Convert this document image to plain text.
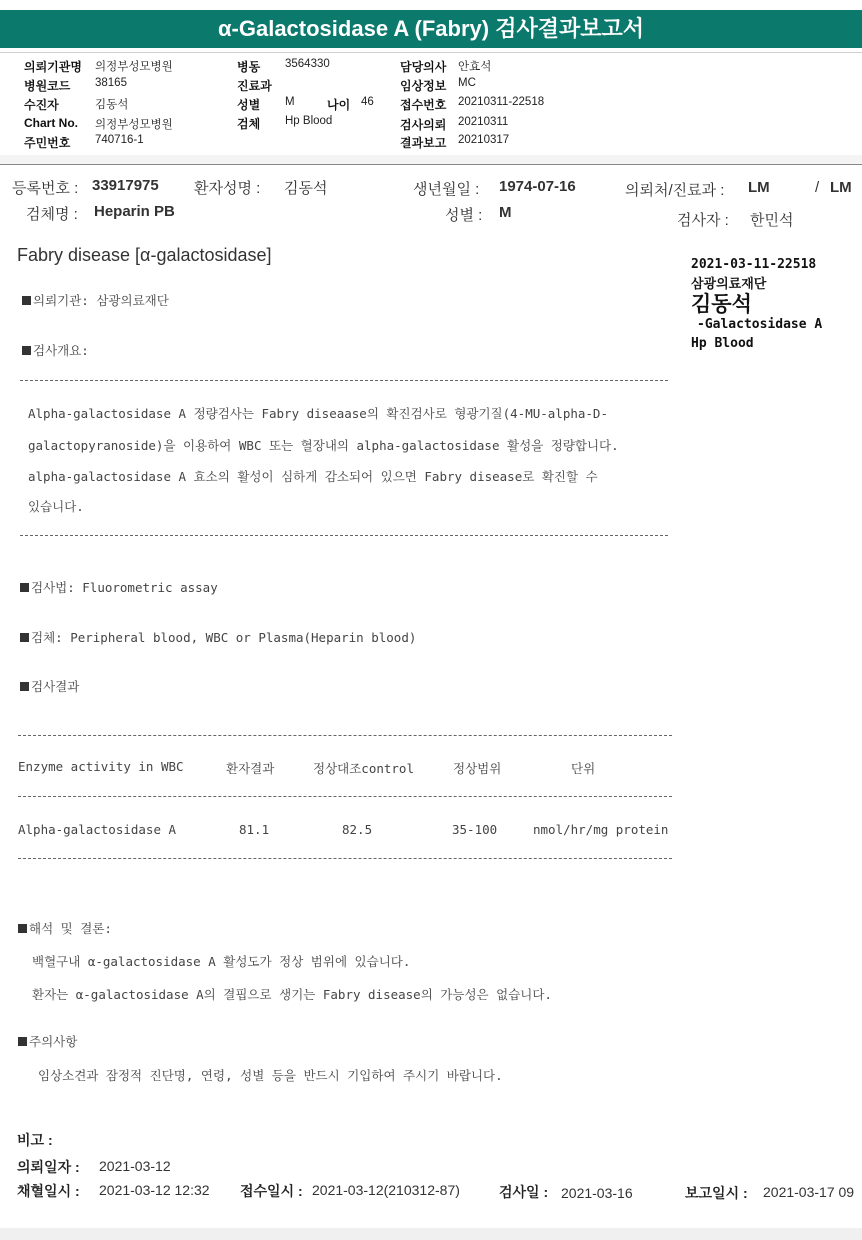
α-Galactosidase A (Fabry) 검사결과보고서
의뢰기관명 의정부성모병원
병원코드 38165
수진자	김동석
Chart No. 의정부성모병원
주민번호 740716-1
병동 3564330
진료과
성별 M	나이 46
검체 Hp Blood
담당의사 안효석
임상정보 MC
접수번호 20210311-22518
검사의뢰 20210311
결과보고 20210317
등록번호 : 33917975 환자성명 : 김동석	생년월일 : 1974-07-16	의뢰처/진료과 : LM	/ LM
검체명 : Heparin PB	성별 : M	검사자 : 한민석
2021-03-11-22518
삼광의료재단
김동석
-Galactosidase A
Hp Blood
Fabry disease [α-galactosidase]
의뢰기관: 삼광의료재단
검사개요:
Alpha-galactosidase A 정량검사는 Fabry diseaase의 확진검사로 형광기질(4-MU-alpha-D-
galactopyranoside)을 이용하여 WBC 또는 혈장내의 alpha-galactosidase 활성을 정량합니다.
alpha-galactosidase A 효소의 활성이 심하게 감소되어 있으면 Fabry disease로 확진할 수
있습니다.
검사법: Fluorometric assay
검체: Peripheral blood, WBC or Plasma(Heparin blood)
검사결과
Enzyme activity in WBC	환자결과	정상대조control	정상범위	단위
Alpha-galactosidase A	81.1	82.5	35-100	nmol/hr/mg protein
해석 및 결론:
백혈구내 α-galactosidase A 활성도가 정상 범위에 있습니다.
환자는 α-galactosidase A의 결핍으로 생기는 Fabry disease의 가능성은 없습니다.
주의사항
임상소견과 잠정적 진단명, 연령, 성별 등을 반드시 기입하여 주시기 바랍니다.
비고 :
의뢰일자 : 2021-03-12
채혈일시 : 2021-03-12 12:32 접수일시 : 2021-03-12(210312-87)	검사일 : 2021-03-16	보고일시 : 2021-03-17 09
